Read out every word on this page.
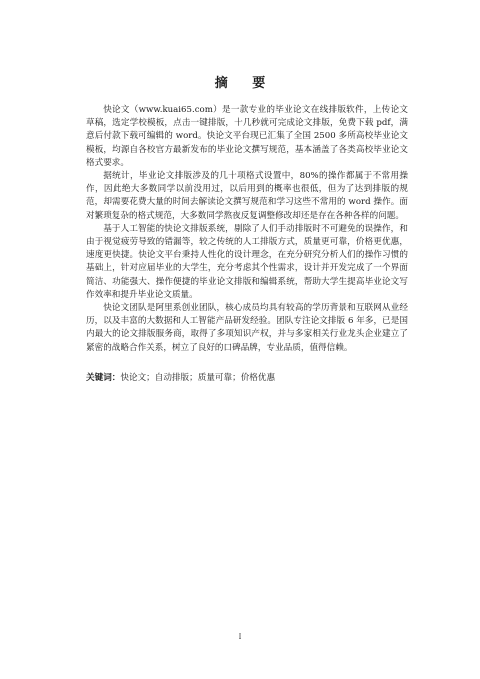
摘 要

快论文（www.kuai65.com）是一款专业的毕业论文在线排版软件，上传论文草稿，选定学校模板，点击一键排版，十几秒就可完成论文排版，免费下载 pdf，满意后付款下载可编辑的 word。快论文平台现已汇集了全国 2500 多所高校毕业论文模板，均源自各校官方最新发布的毕业论文撰写规范，基本涵盖了各类高校毕业论文格式要求。

据统计，毕业论文排版涉及的几十项格式设置中，80%的操作都属于不常用操作，因此绝大多数同学以前没用过，以后用到的概率也很低，但为了达到排版的规范，却需要花费大量的时间去解读论文撰写规范和学习这些不常用的 word 操作。面对繁琐复杂的格式规范，大多数同学熬夜反复调整修改却还是存在各种各样的问题。

基于人工智能的快论文排版系统，剔除了人们手动排版时不可避免的误操作，和由于视觉疲劳导致的错漏等，较之传统的人工排版方式，质量更可靠，价格更优惠，速度更快捷。快论文平台秉持人性化的设计理念，在充分研究分析人们的操作习惯的基础上，针对应届毕业的大学生，充分考虑其个性需求，设计并开发完成了一个界面简洁、功能强大、操作便捷的毕业论文排版和编辑系统，帮助大学生提高毕业论文写作效率和提升毕业论文质量。

快论文团队是阿里系创业团队，核心成员均具有较高的学历背景和互联网从业经历，以及丰富的大数据和人工智能产品研发经验。团队专注论文排版 6 年多，已是国内最大的论文排版服务商，取得了多项知识产权，并与多家相关行业龙头企业建立了紧密的战略合作关系，树立了良好的口碑品牌，专业品质，值得信赖。

关键词：快论文；自动排版；质量可靠；价格优惠
I
